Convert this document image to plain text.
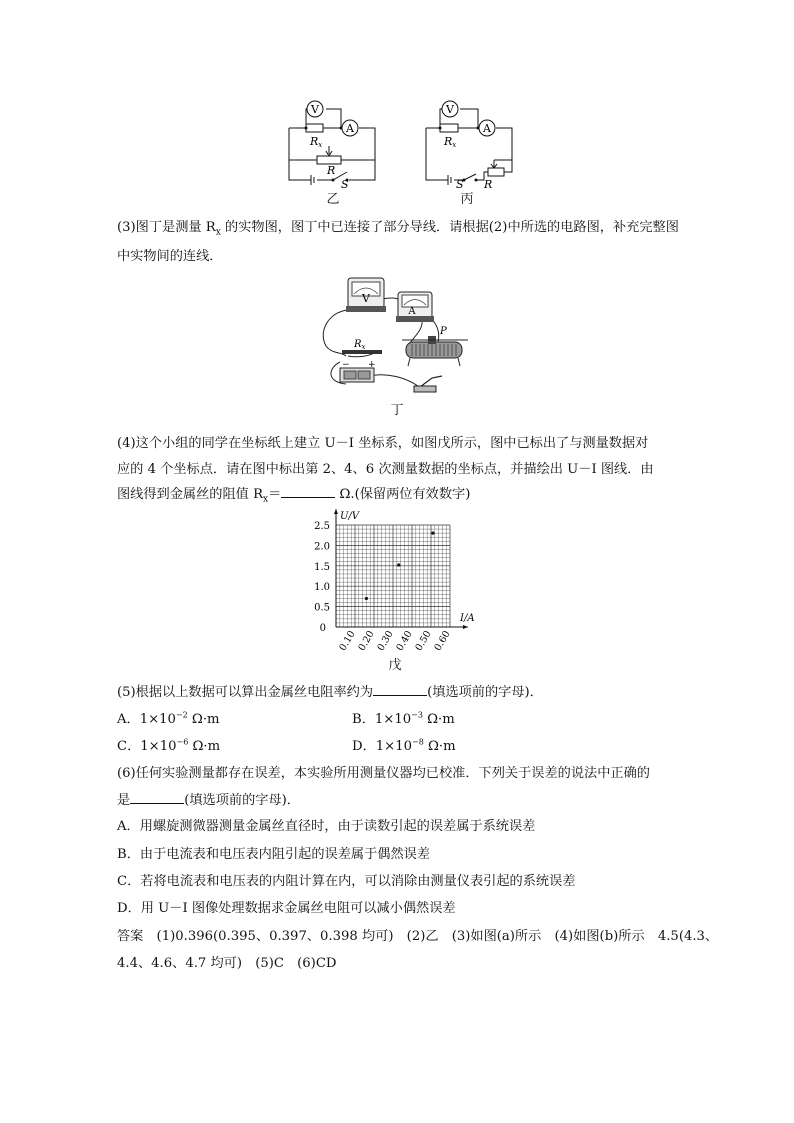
V
A
Rx
R
S
乙
V
A
Rx
R
S
丙
(3)图丁是测量 $R_x$ 的实物图，图丁中已连接了部分导线．请根据(2)中所选的电路图，补充完整图中实物间的连线．
V
A
$R_x$
P
− +
丁
(4)这个小组的同学在坐标纸上建立 U－I 坐标系，如图戊所示，图中已标出了与测量数据对
应的 4 个坐标点．请在图中标出第 2、4、6 次测量数据的坐标点，并描绘出 U－I 图线．由
图线得到金属丝的阻值 $R_x=$	Ω.(保留两位有效数字)
U/V
I/A
0
0.5
1.0
1.5
2.0
2.5
0.10
0.20
0.30
0.40
0.50
0.60
戊
(5)根据以上数据可以算出金属丝电阻率约为	(填选项前的字母)．
A．$1\times 10^{-2}$ Ω·m	B．$1\times 10^{-3}$ Ω·m
C．$1\times 10^{-6}$ Ω·m	D．$1\times 10^{-8}$ Ω·m
(6)任何实验测量都存在误差，本实验所用测量仪器均已校准．下列关于误差的说法中正确的
是	(填选项前的字母)．
A．用螺旋测微器测量金属丝直径时，由于读数引起的误差属于系统误差
B．由于电流表和电压表内阻引起的误差属于偶然误差
C．若将电流表和电压表的内阻计算在内，可以消除由测量仪表引起的系统误差
D．用 U－I 图像处理数据求金属丝电阻可以减小偶然误差
答案　(1)0.396(0.395、0.397、0.398 均可)　(2)乙　(3)如图(a)所示　(4)如图(b)所示　4.5(4.3、
4.4、4.6、4.7 均可)　(5)C　(6)CD
